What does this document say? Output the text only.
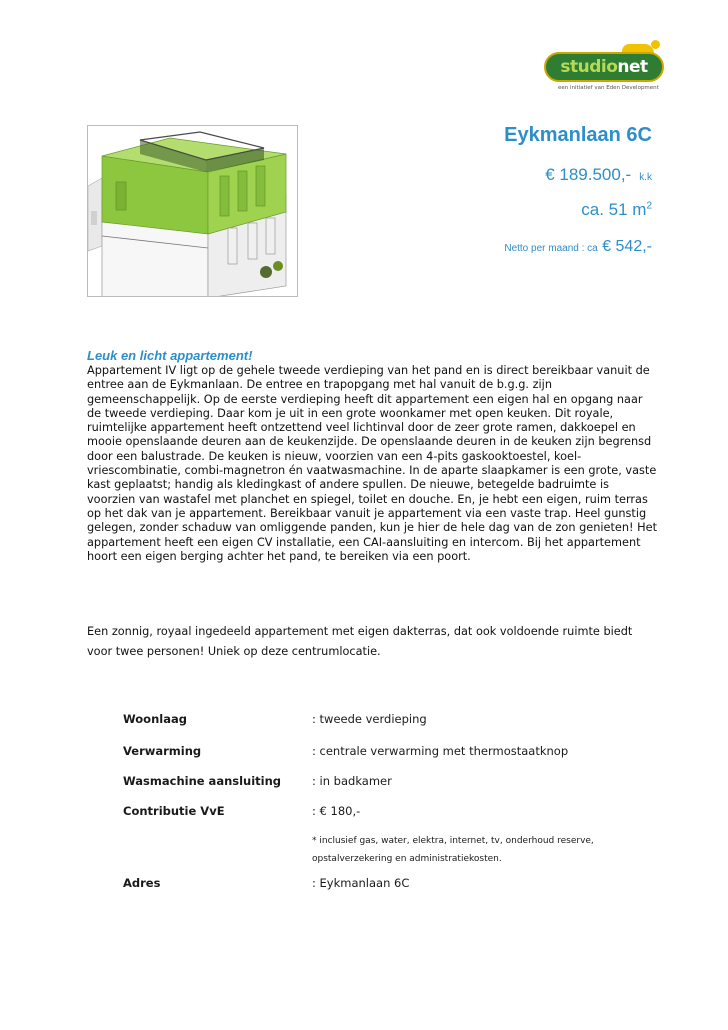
studionet
een initiatief van Eden Development
Eykmanlaan 6C
€ 189.500,- k.k
ca. 51 $m^2$
Netto per maand : ca € 542,-
Leuk en licht appartement!

Appartement IV ligt op de gehele tweede verdieping van het pand en is direct bereikbaar vanuit de entree aan de Eykmanlaan. De entree en trapopgang met hal vanuit de b.g.g. zijn gemeenschappelijk. Op de eerste verdieping heeft dit appartement een eigen hal en opgang naar de tweede verdieping. Daar kom je uit in een grote woonkamer met open keuken. Dit royale, ruimtelijke appartement heeft ontzettend veel lichtinval door de zeer grote ramen, dakkoepel en mooie openslaande deuren aan de keukenzijde. De openslaande deuren in de keuken zijn begrensd door een balustrade. De keuken is nieuw, voorzien van een 4-pits gaskooktoestel, koel-vriescombinatie, combi-magnetron én vaatwasmachine. In de aparte slaapkamer is een grote, vaste kast geplaatst; handig als kledingkast of andere spullen. De nieuwe, betegelde badruimte is voorzien van wastafel met planchet en spiegel, toilet en douche. En, je hebt een eigen, ruim terras op het dak van je appartement. Bereikbaar vanuit je appartement via een vaste trap. Heel gunstig gelegen, zonder schaduw van omliggende panden, kun je hier de hele dag van de zon genieten! Het appartement heeft een eigen CV installatie, een CAI-aansluiting en intercom. Bij het appartement hoort een eigen berging achter het pand, te bereiken via een poort.

Een zonnig, royaal ingedeeld appartement met eigen dakterras, dat ook voldoende ruimte biedt voor twee personen! Uniek op deze centrumlocatie.

Woonlaag	: tweede verdieping
Verwarming	: centrale verwarming met thermostaatknop
Wasmachine aansluiting	: in badkamer
Contributie VvE	: € 180,-
* inclusief gas, water, elektra, internet, tv, onderhoud reserve,
opstalverzekering en administratiekosten.
Adres	: Eykmanlaan 6C
